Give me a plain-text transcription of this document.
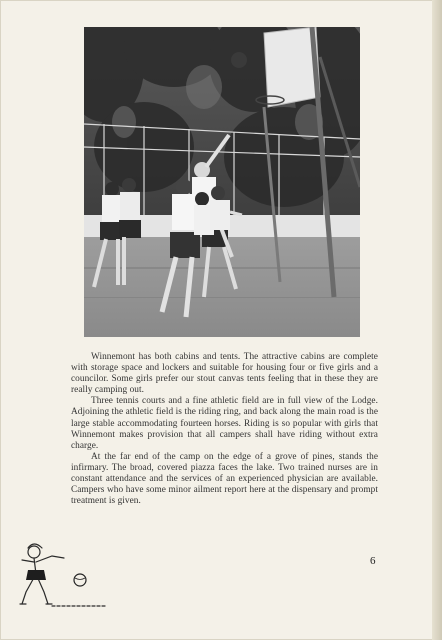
Winnemont has both cabins and tents. The attractive cabins are complete with storage space and lockers and suitable for housing four or five girls and a councilor. Some girls prefer our stout canvas tents feeling that in these they are really camping out.

Three tennis courts and a fine athletic field are in full view of the Lodge. Adjoining the athletic field is the riding ring, and back along the main road is the large stable accommodating fourteen horses. Riding is so popular with girls that Winnemont makes provision that all campers shall have riding without extra charge.

At the far end of the camp on the edge of a grove of pines, stands the infirmary. The broad, covered piazza faces the lake. Two trained nurses are in constant attendance and the services of an experienced physician are available. Campers who have some minor ailment report here at the dispensary and prompt treatment is given.

6
